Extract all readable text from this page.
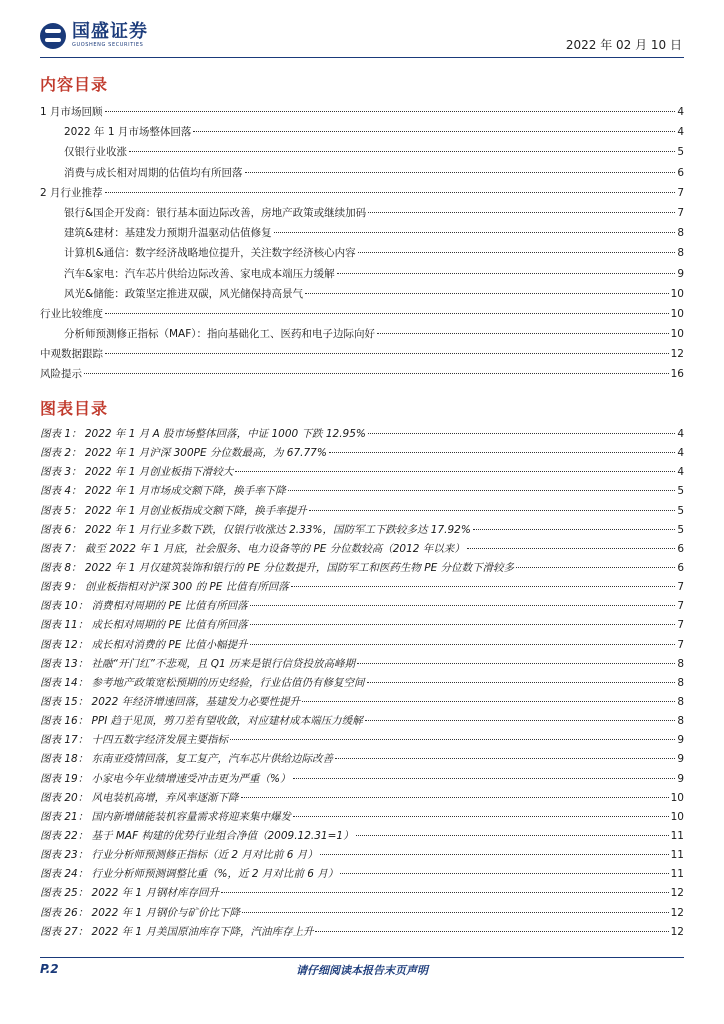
国盛证券
GUOSHENG SECURITIES	2022 年 02 月 10 日
内容目录
1 月市场回顾	4
2022 年 1 月市场整体回落	4
仅银行业收涨	5
消费与成长相对周期的估值均有所回落	6
2 月行业推荐	7
银行&国企开发商：银行基本面边际改善，房地产政策或继续加码	7
建筑&建材：基建发力预期升温驱动估值修复	8
计算机&通信：数字经济战略地位提升，关注数字经济核心内容	8
汽车&家电：汽车芯片供给边际改善、家电成本端压力缓解	9
风光&储能：政策坚定推进双碳，风光储保持高景气	10
行业比较维度	10
分析师预测修正指标（MAF）：指向基础化工、医药和电子边际向好	10
中观数据跟踪	12
风险提示	16
图表目录
图表 1： 2022 年 1 月 A 股市场整体回落，中证 1000 下跌 12.95%	4
图表 2： 2022 年 1 月沪深 300PE 分位数最高，为 67.77%	4
图表 3： 2022 年 1 月创业板指下滑较大	4
图表 4： 2022 年 1 月市场成交额下降，换手率下降	5
图表 5： 2022 年 1 月创业板指成交额下降，换手率提升	5
图表 6： 2022 年 1 月行业多数下跌，仅银行收涨达 2.33%，国防军工下跌较多达 17.92%	5
图表 7： 截至 2022 年 1 月底，社会服务、电力设备等的 PE 分位数较高（2012 年以来）	6
图表 8： 2022 年 1 月仅建筑装饰和银行的 PE 分位数提升，国防军工和医药生物 PE 分位数下滑较多	6
图表 9： 创业板指相对沪深 300 的 PE 比值有所回落	7
图表 10： 消费相对周期的 PE 比值有所回落	7
图表 11： 成长相对周期的 PE 比值有所回落	7
图表 12： 成长相对消费的 PE 比值小幅提升	7
图表 13： 社融“开门红”不悲观，且 Q1 历来是银行信贷投放高峰期	8
图表 14： 参考地产政策宽松预期的历史经验，行业估值仍有修复空间	8
图表 15： 2022 年经济增速回落，基建发力必要性提升	8
图表 16： PPI 趋于见顶，剪刀差有望收敛，对应建材成本端压力缓解	8
图表 17： 十四五数字经济发展主要指标	9
图表 18： 东南亚疫情回落，复工复产，汽车芯片供给边际改善	9
图表 19： 小家电今年业绩增速受冲击更为严重（%）	9
图表 20： 风电装机高增，弃风率逐渐下降	10
图表 21： 国内新增储能装机容量需求将迎来集中爆发	10
图表 22： 基于 MAF 构建的优势行业组合净值（2009.12.31=1）	11
图表 23： 行业分析师预测修正指标（近 2 月对比前 6 月）	11
图表 24： 行业分析师预测调整比重（%，近 2 月对比前 6 月）	11
图表 25： 2022 年 1 月钢材库存回升	12
图表 26： 2022 年 1 月钢价与矿价比下降	12
图表 27： 2022 年 1 月美国原油库存下降，汽油库存上升	12
P.2	请仔细阅读本报告末页声明
